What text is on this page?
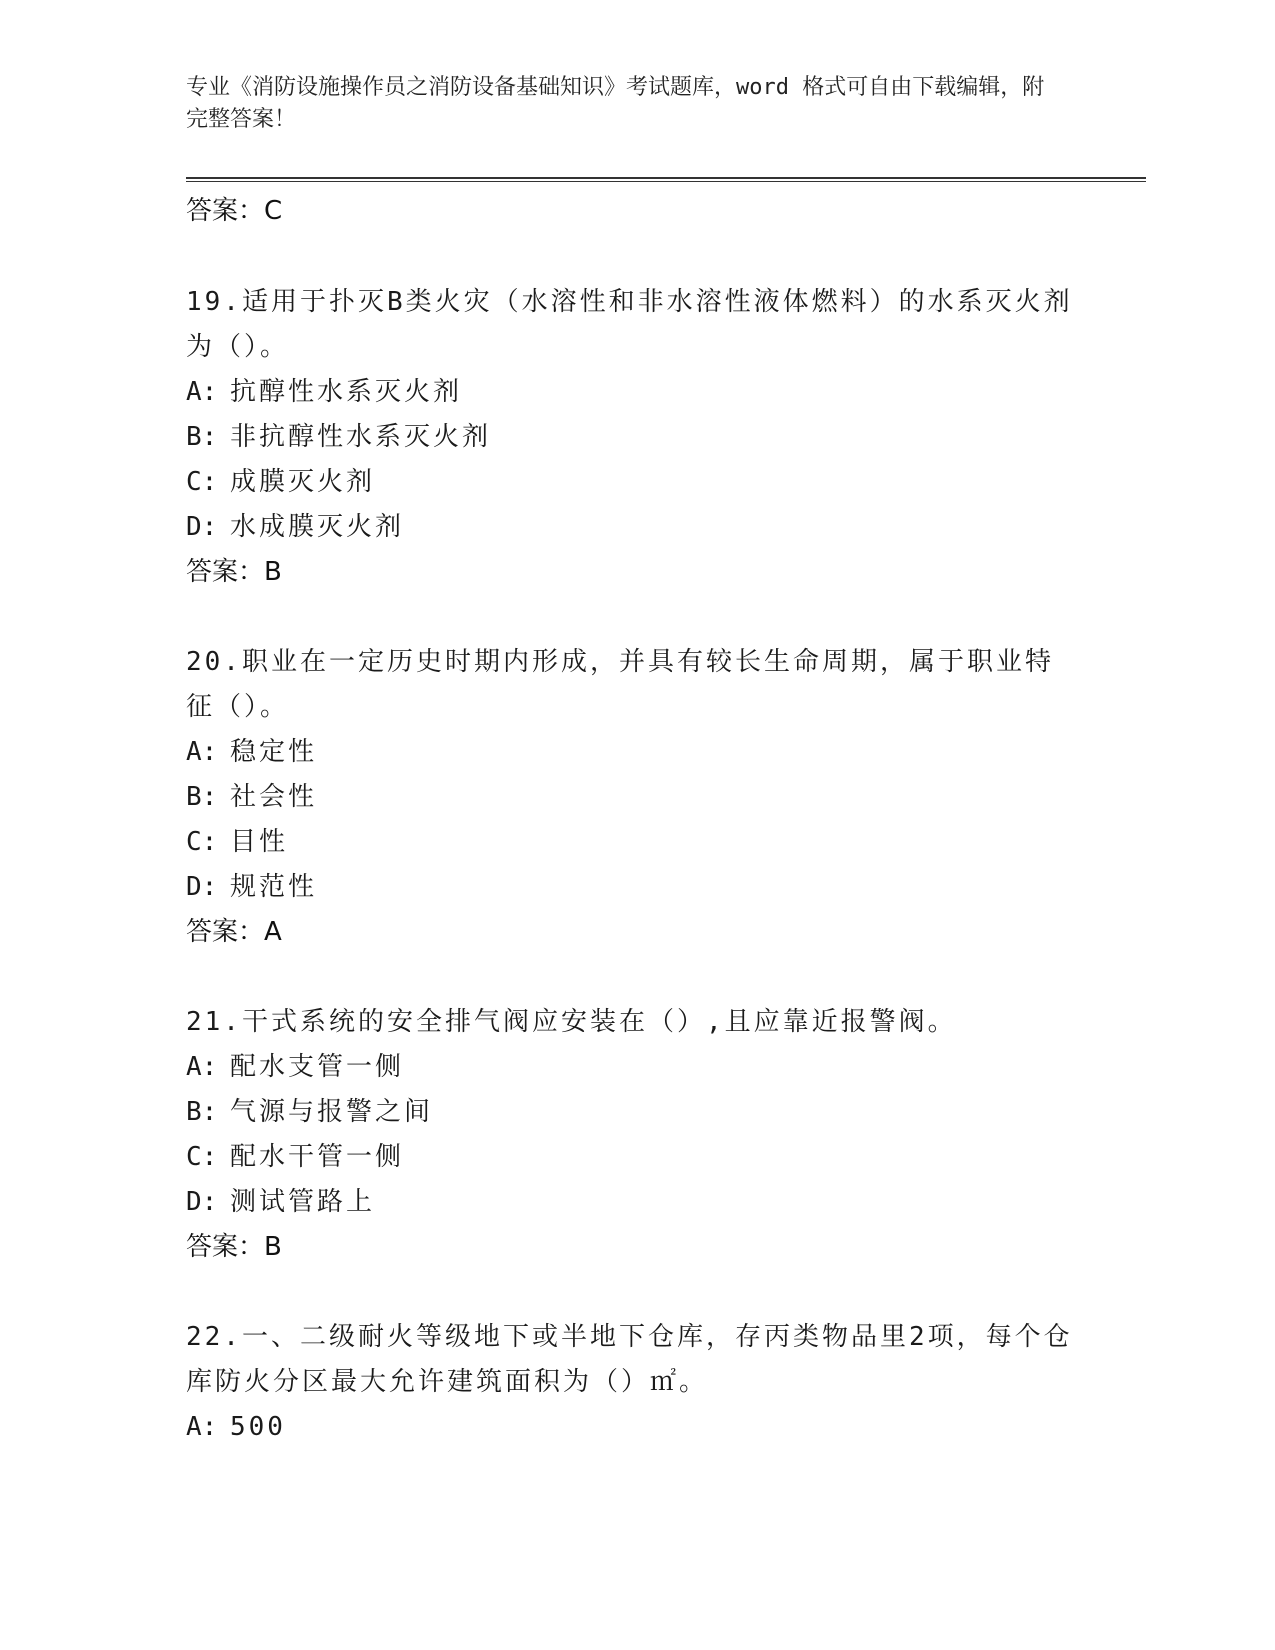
专业《消防设施操作员之消防设备基础知识》考试题库，word 格式可自由下载编辑，附完整答案！
答案：C
19.适用于扑灭B类火灾（水溶性和非水溶性液体燃料）的水系灭火剂为（）。
A: 抗醇性水系灭火剂
B: 非抗醇性水系灭火剂
C: 成膜灭火剂
D: 水成膜灭火剂
答案：B
20.职业在一定历史时期内形成，并具有较长生命周期，属于职业特征（）。
A: 稳定性
B: 社会性
C: 目性
D: 规范性
答案：A
21.干式系统的安全排气阀应安装在（）,且应靠近报警阀。
A: 配水支管一侧
B: 气源与报警之间
C: 配水干管一侧
D: 测试管路上
答案：B
22.一、二级耐火等级地下或半地下仓库，存丙类物品里2项，每个仓库防火分区最大允许建筑面积为（）㎡。
A: 500
